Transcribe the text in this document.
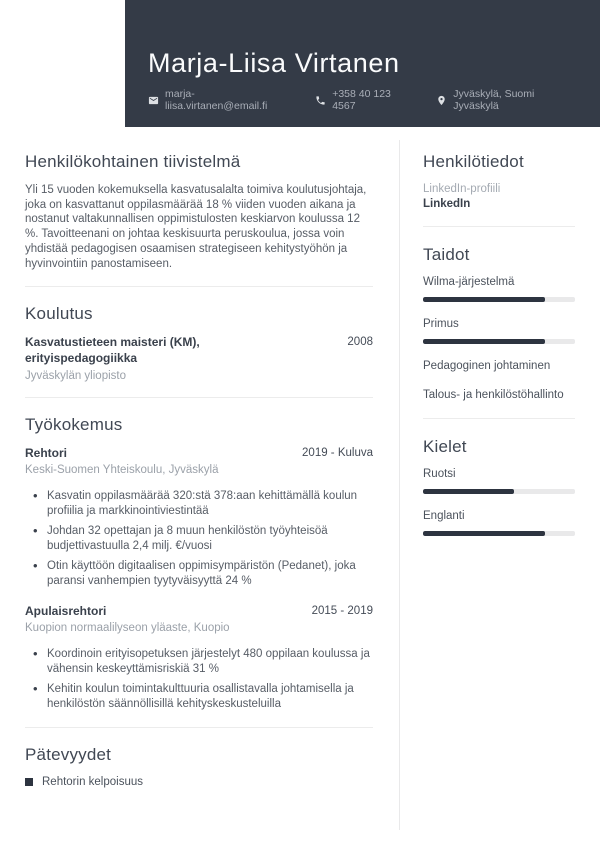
Marja-Liisa Virtanen
marja-liisa.virtanen@email.fi
+358 40 123 4567
Jyväskylä, Suomi Jyväskylä
Henkilökohtainen tiivistelmä

Yli 15 vuoden kokemuksella kasvatusalalta toimiva koulutusjohtaja, joka on kasvattanut oppilasmäärää 18 % viiden vuoden aikana ja nostanut valtakunnallisen oppimistulosten keskiarvon koulussa 12 %. Tavoitteenani on johtaa keskisuurta peruskoulua, jossa voin yhdistää pedagogisen osaamisen strategiseen kehitystyöhön ja hyvinvointiin panostamiseen.

Koulutus
Kasvatustieteen maisteri (KM), erityispedagogiikka
2008
Jyväskylän yliopisto
Työkokemus
Rehtori	2019 - Kuluva
Keski-Suomen Yhteiskoulu, Jyväskylä
• Kasvatin oppilasmäärää 320:stä 378:aan kehittämällä koulun profiilia ja markkinointiviestintää
• Johdan 32 opettajan ja 8 muun henkilöstön työyhteisöä budjettivastuulla 2,4 milj. €/vuosi
• Otin käyttöön digitaalisen oppimisympäristön (Pedanet), joka paransi vanhempien tyytyväisyyttä 24 %
Apulaisrehtori	2015 - 2019
Kuopion normaalilyseon yläaste, Kuopio
• Koordinoin erityisopetuksen järjestelyt 480 oppilaan koulussa ja vähensin keskeyttämisriskiä 31 %
• Kehitin koulun toimintakulttuuria osallistavalla johtamisella ja henkilöstön säännöllisillä kehityskeskusteluilla
Pätevyydet
Rehtorin kelpoisuus
Henkilötiedot
LinkedIn-profiili
LinkedIn
Taidot
Wilma-järjestelmä
Primus
Pedagoginen johtaminen
Talous- ja henkilöstöhallinto
Kielet
Ruotsi
Englanti
